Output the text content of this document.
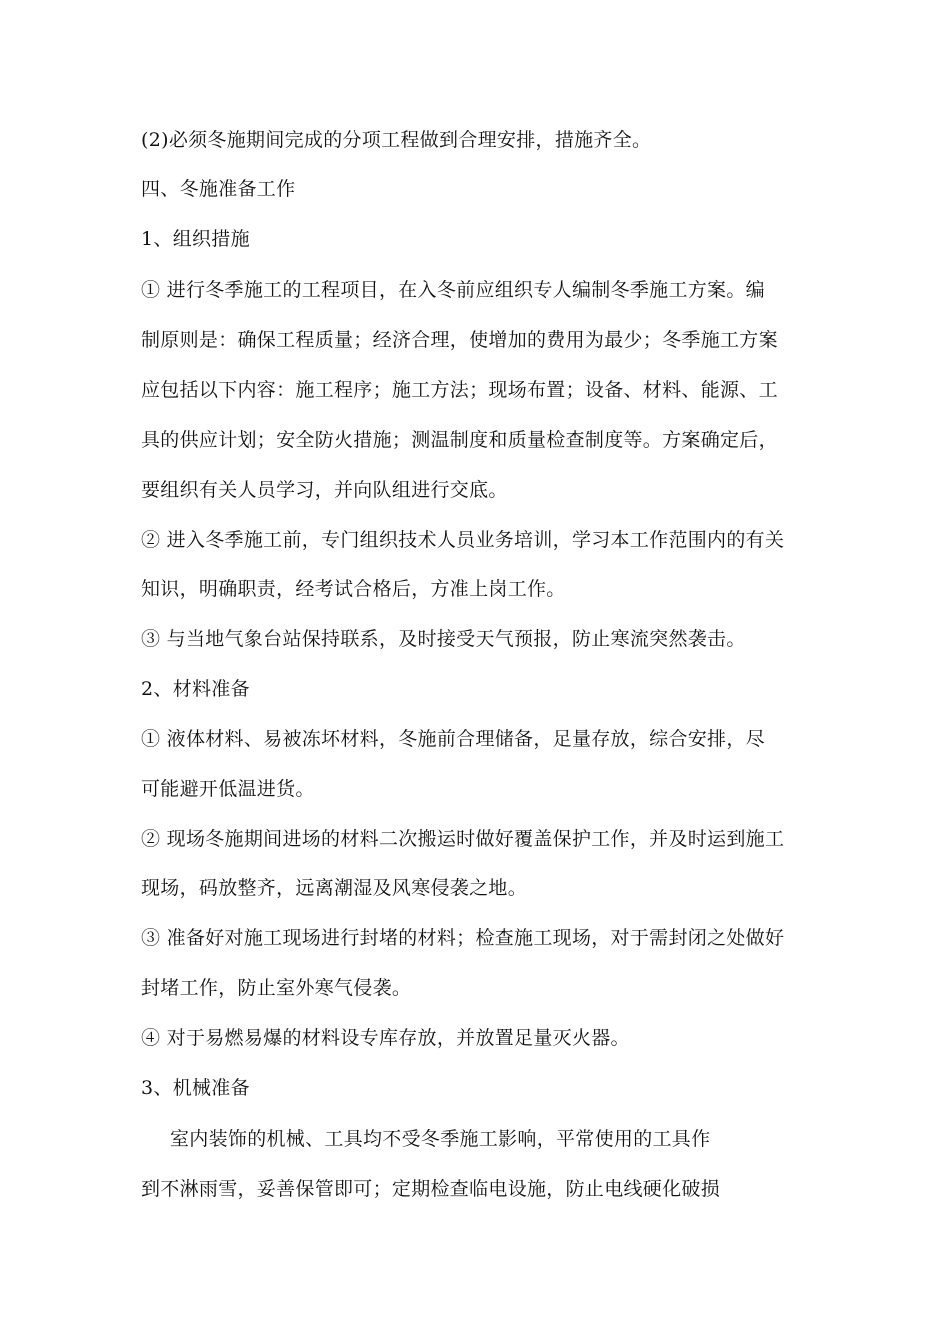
(2)必须冬施期间完成的分项工程做到合理安排，措施齐全。
四、冬施准备工作
1、组织措施
① 进行冬季施工的工程项目，在入冬前应组织专人编制冬季施工方案。编
制原则是：确保工程质量；经济合理，使增加的费用为最少；冬季施工方案
应包括以下内容：施工程序；施工方法；现场布置；设备、材料、能源、工
具的供应计划；安全防火措施；测温制度和质量检查制度等。方案确定后，
要组织有关人员学习，并向队组进行交底。
② 进入冬季施工前，专门组织技术人员业务培训，学习本工作范围内的有关
知识，明确职责，经考试合格后，方准上岗工作。
③ 与当地气象台站保持联系，及时接受天气预报，防止寒流突然袭击。
2、材料准备
① 液体材料、易被冻坏材料，冬施前合理储备，足量存放，综合安排，尽
可能避开低温进货。
② 现场冬施期间进场的材料二次搬运时做好覆盖保护工作，并及时运到施工
现场，码放整齐，远离潮湿及风寒侵袭之地。
③ 准备好对施工现场进行封堵的材料；检查施工现场，对于需封闭之处做好
封堵工作，防止室外寒气侵袭。
④ 对于易燃易爆的材料设专库存放，并放置足量灭火器。
3、机械准备
室内装饰的机械、工具均不受冬季施工影响，平常使用的工具作
到不淋雨雪，妥善保管即可；定期检查临电设施，防止电线硬化破损
